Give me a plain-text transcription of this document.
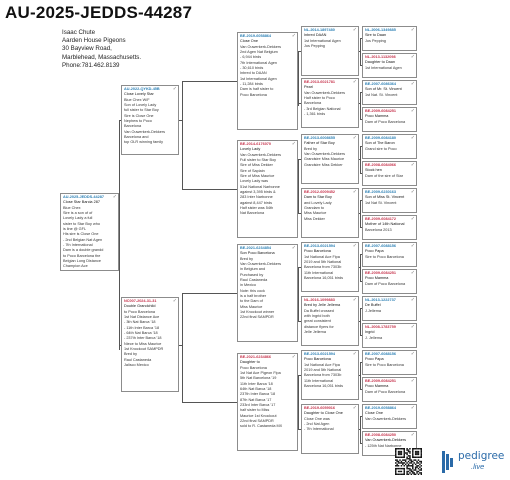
AU-2025-JEDDS-44287
Isaac Chute
Aarden House Pigeons
30 Bayview Road,
Marblehead, Massachusetts.
Phone:781.462.8139
AU-2025-JEDDS-44287	✓
Close Star Barcia 287
Blue Chex
Sire is a son of of
Lovely Lady a full
sister to Star Boy who
is line @ GFL
His sire is Close One
- 2nd Belgian Nat Agen
- 7th International
Dam is a double grandd
to Poco Barcelona the
Belgian Long Distance
Champion Ace
AU-2022-QYKD-45B	✓
Close Lovely Star
Blue Chex W/F
Son of Lovely Lady
full sister to Star Boy
Sire is Close One
Nephew to Poco
Barcelona
Van Ouwerkerk-Dekkers
Barcelona and
top OLR winning family
NC007-2024-31-31	✓
Double Grandchild
to Poco Barcelona
1st Nat Distance Ace
- 3th Nat Barca '18
- 11th Inter Barca '18
- 64th Nat Barca '18
- 237th Inter Barca '18
Niece to Miss Maurice
1st Knockout SAMPDR
Bred by
Raul Castaneda
Jalisco Mexico
BE-2019-6058864	✓
Close One
Van Ouwerkerk-Dekkers
2nd Agen Nat Belgium
- 6,944 birds
7th International Agen
- 30,610 birds
Inbred to DAAN
1st International Agen
- 11,284 birds
Dam is half sister to
Poco Barcelona
BE-2014-6176070	✓
Lovely Lady
Van Ouwerkerk-Dekkers
Full sister to Star Boy
Sire of Miss Dekker
Sire of Sapiain
Sire of Miss Maurice
Lovely Lady was
51st National Narbonne
against 3,395 birds &
283 Inter Narbonne
against 8,447 birds
Half sister was 54th
Nat Barcelona
BE-2021-6234854	✓
Son Poco Barcelona
Bred by
Van Ouwerkerk-Dekkers
in Belgium and
Purchased by
Raul Castaneda
in Mexico
Note: this cock
is a half brother
to the Dam of
Miss Maurice
1st Knockout winner
22nd final SAMPDR
BE-2021-6234866	✓
Daughter to
Poco Barcelona
1st Nat Ace Pigeon Fipa
5th Nat Barcelona '19
11th Inter Barca '18
64th Nat Barca '18
237th Inter Barca '18
87th Nat Barca '17
233rd Inter Barca '17
half sister to Miss
Maurice 1st Knockout
22nd final SAMPDR
sold to R. Castaneda MX
NL-2014-1897480	✓
Inbred DAAN
1st International Agen
Jos Pepping
BE-2013-6021781	✓
Pearl
Van Ouwerkerk-Dekkers
Half sister to Poco
Barcelona
- 3rd Belgian National
- 1,361 birds
BE-2013-6008655	✓
Father of Star Boy
Bred by
Van Ouwerkerk-Dekkers
Grandsire Miss Maurice
Grandsire Miss Dekker
BE-2012-6009452	✓
Dam to Star Boy
and Lovely Lady
Grandam to
Miss Maurice
Miss Dekker
BE-2013-6021594	✓
Poco Barcelona
1st National Ace Fipa
2019 and 5th National
Barcelona from 7303b
11th International
Barcelona 16,051 birds
NL-2016-1099883	✓
Bred by Jelle Jellema
Da Buffel crossed
with Ingrid both
great consistent
distance flyers for
Jelle Jellema
BE-2013-6021594	✓
Poco Barcelona
1st National Ace Fipa
2019 and 5th National
Barcelona from 7303b
11th International
Barcelona 16,051 birds
BE-2019-6059016	✓
Daughter to Close One
Close One was
- 2nd Nat Agen
- 7th International
NL-2006-1349885	✓
Sire to Daan
Jos Pepping
NL-2013-1132098	✓
Daughter to Daan
1st International Agen
BE-2007-6086364	✓
Son of Mr. St. Vincent
1st Nat. St. Vincent
BE-2009-6084251	✓
Poco Mamma
Dam of Poco Barcelona
BE-2009-6084180	✓
Son of The Baron
Grand sire to Poco
BE-2008-6084066	✓
Stock hen
Dam of the sire of Star
BE-2009-6230163	✓
Son of Miss St. Vincent
1st Nat St. Vincent
BE-2009-6084172	✓
Mother of 14th National
Barcelona 2013
BE-2007-6088156	✓
Poco Papa
Sire to Poco Barcelona
BE-2009-6084251	✓
Poco Mamma
Dam of Poco Barcelona
NL-2013-1222737	✓
De Buffel
J.Jellema
NL-2008-1783759	✓
Ingrid
J. Jellema
BE-2007-6088156	✓
Poco Papa
Sire to Poco Barcelona
BE-2009-6084251	✓
Poco Mamma
Dam of Poco Barcelona
BE-2019-6058864	✓
Close One
Van Ouwerkerk-Dekkers
BE-2008-6084250	✓
Van Ouwerkerk-Dekkers
- 125th Nat Narbonne
pedigree
.live
